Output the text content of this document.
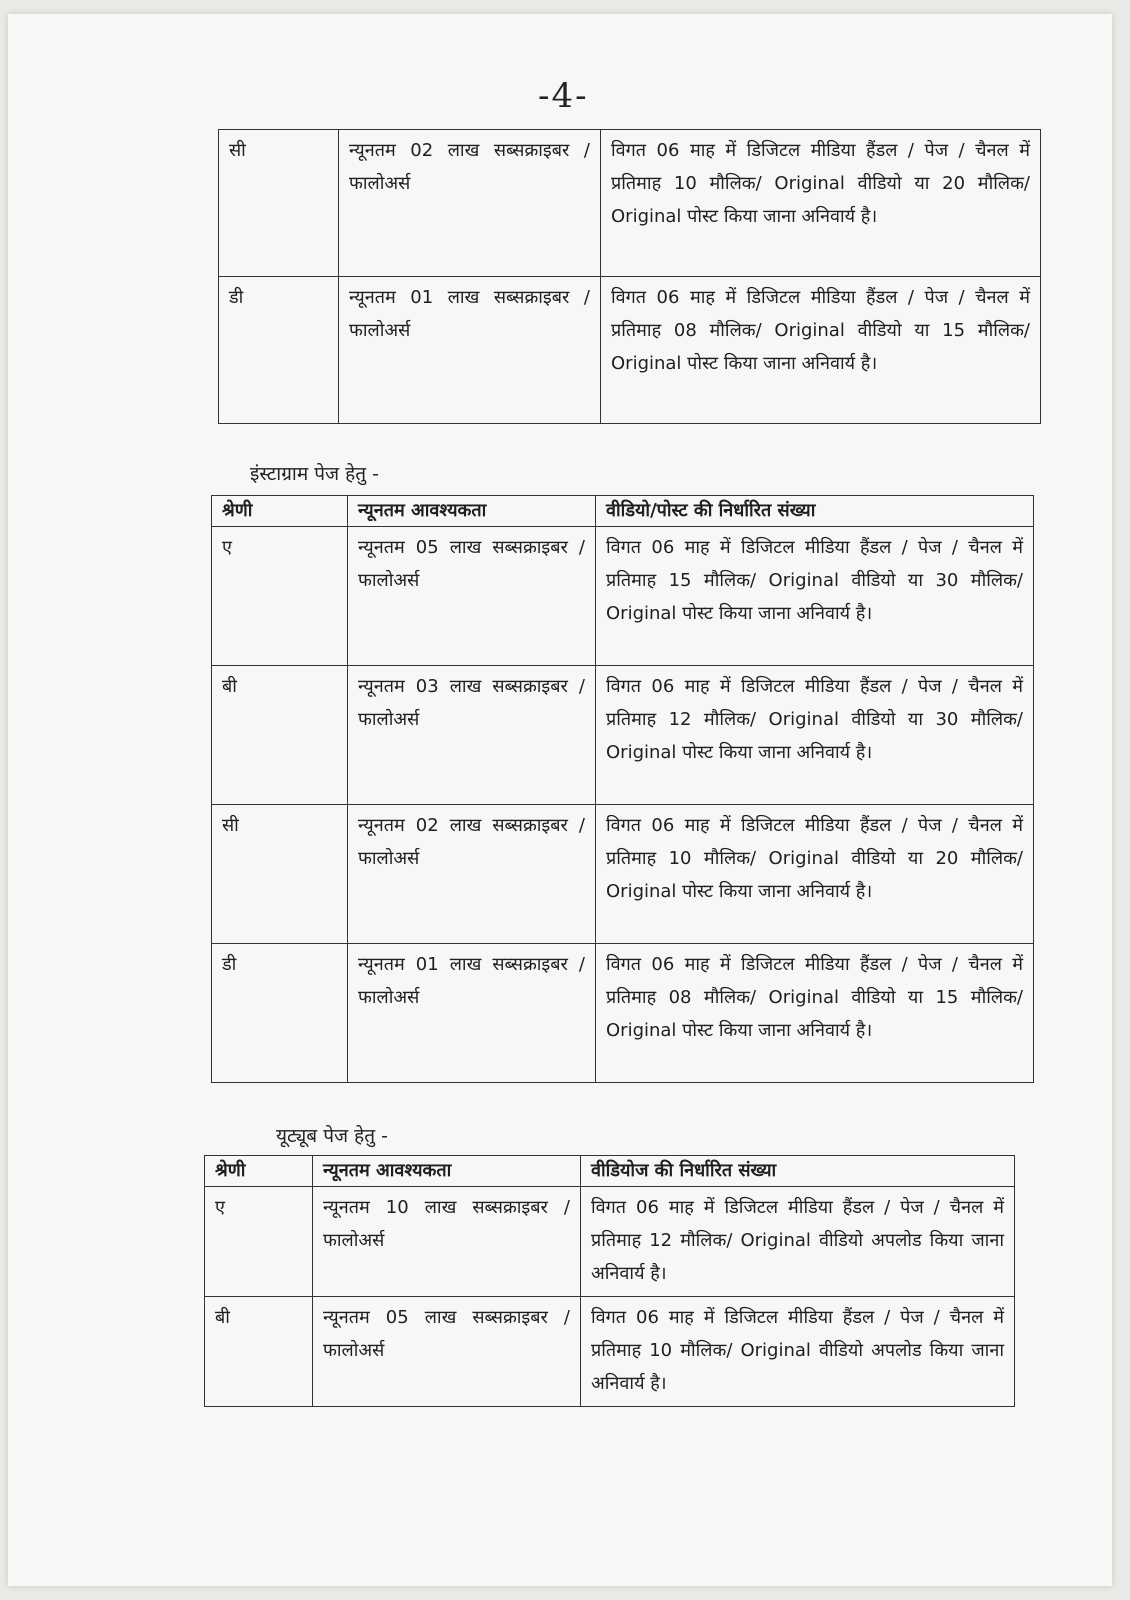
-4-
सी	न्यूनतम 02 लाख सब्सक्राइबर / फालोअर्स	विगत 06 माह में डिजिटल मीडिया हैंडल / पेज / चैनल में प्रतिमाह 10 मौलिक/ Original वीडियो या 20 मौलिक/ Original पोस्ट किया जाना अनिवार्य है।
डी	न्यूनतम 01 लाख सब्सक्राइबर / फालोअर्स	विगत 06 माह में डिजिटल मीडिया हैंडल / पेज / चैनल में प्रतिमाह 08 मौलिक/ Original वीडियो या 15 मौलिक/ Original पोस्ट किया जाना अनिवार्य है।
इंस्टाग्राम पेज हेतु -
श्रेणी	न्यूनतम आवश्यकता	वीडियो/पोस्ट की निर्धारित संख्या
ए	न्यूनतम 05 लाख सब्सक्राइबर / फालोअर्स	विगत 06 माह में डिजिटल मीडिया हैंडल / पेज / चैनल में प्रतिमाह 15 मौलिक/ Original वीडियो या 30 मौलिक/ Original पोस्ट किया जाना अनिवार्य है।
बी	न्यूनतम 03 लाख सब्सक्राइबर / फालोअर्स	विगत 06 माह में डिजिटल मीडिया हैंडल / पेज / चैनल में प्रतिमाह 12 मौलिक/ Original वीडियो या 30 मौलिक/ Original पोस्ट किया जाना अनिवार्य है।
सी	न्यूनतम 02 लाख सब्सक्राइबर / फालोअर्स	विगत 06 माह में डिजिटल मीडिया हैंडल / पेज / चैनल में प्रतिमाह 10 मौलिक/ Original वीडियो या 20 मौलिक/ Original पोस्ट किया जाना अनिवार्य है।
डी	न्यूनतम 01 लाख सब्सक्राइबर / फालोअर्स	विगत 06 माह में डिजिटल मीडिया हैंडल / पेज / चैनल में प्रतिमाह 08 मौलिक/ Original वीडियो या 15 मौलिक/ Original पोस्ट किया जाना अनिवार्य है।
यूट्यूब पेज हेतु -
श्रेणी	न्यूनतम आवश्यकता	वीडियोज की निर्धारित संख्या
ए	न्यूनतम 10 लाख सब्सक्राइबर / फालोअर्स	विगत 06 माह में डिजिटल मीडिया हैंडल / पेज / चैनल में प्रतिमाह 12 मौलिक/ Original वीडियो अपलोड किया जाना अनिवार्य है।
बी	न्यूनतम 05 लाख सब्सक्राइबर / फालोअर्स	विगत 06 माह में डिजिटल मीडिया हैंडल / पेज / चैनल में प्रतिमाह 10 मौलिक/ Original वीडियो अपलोड किया जाना अनिवार्य है।
